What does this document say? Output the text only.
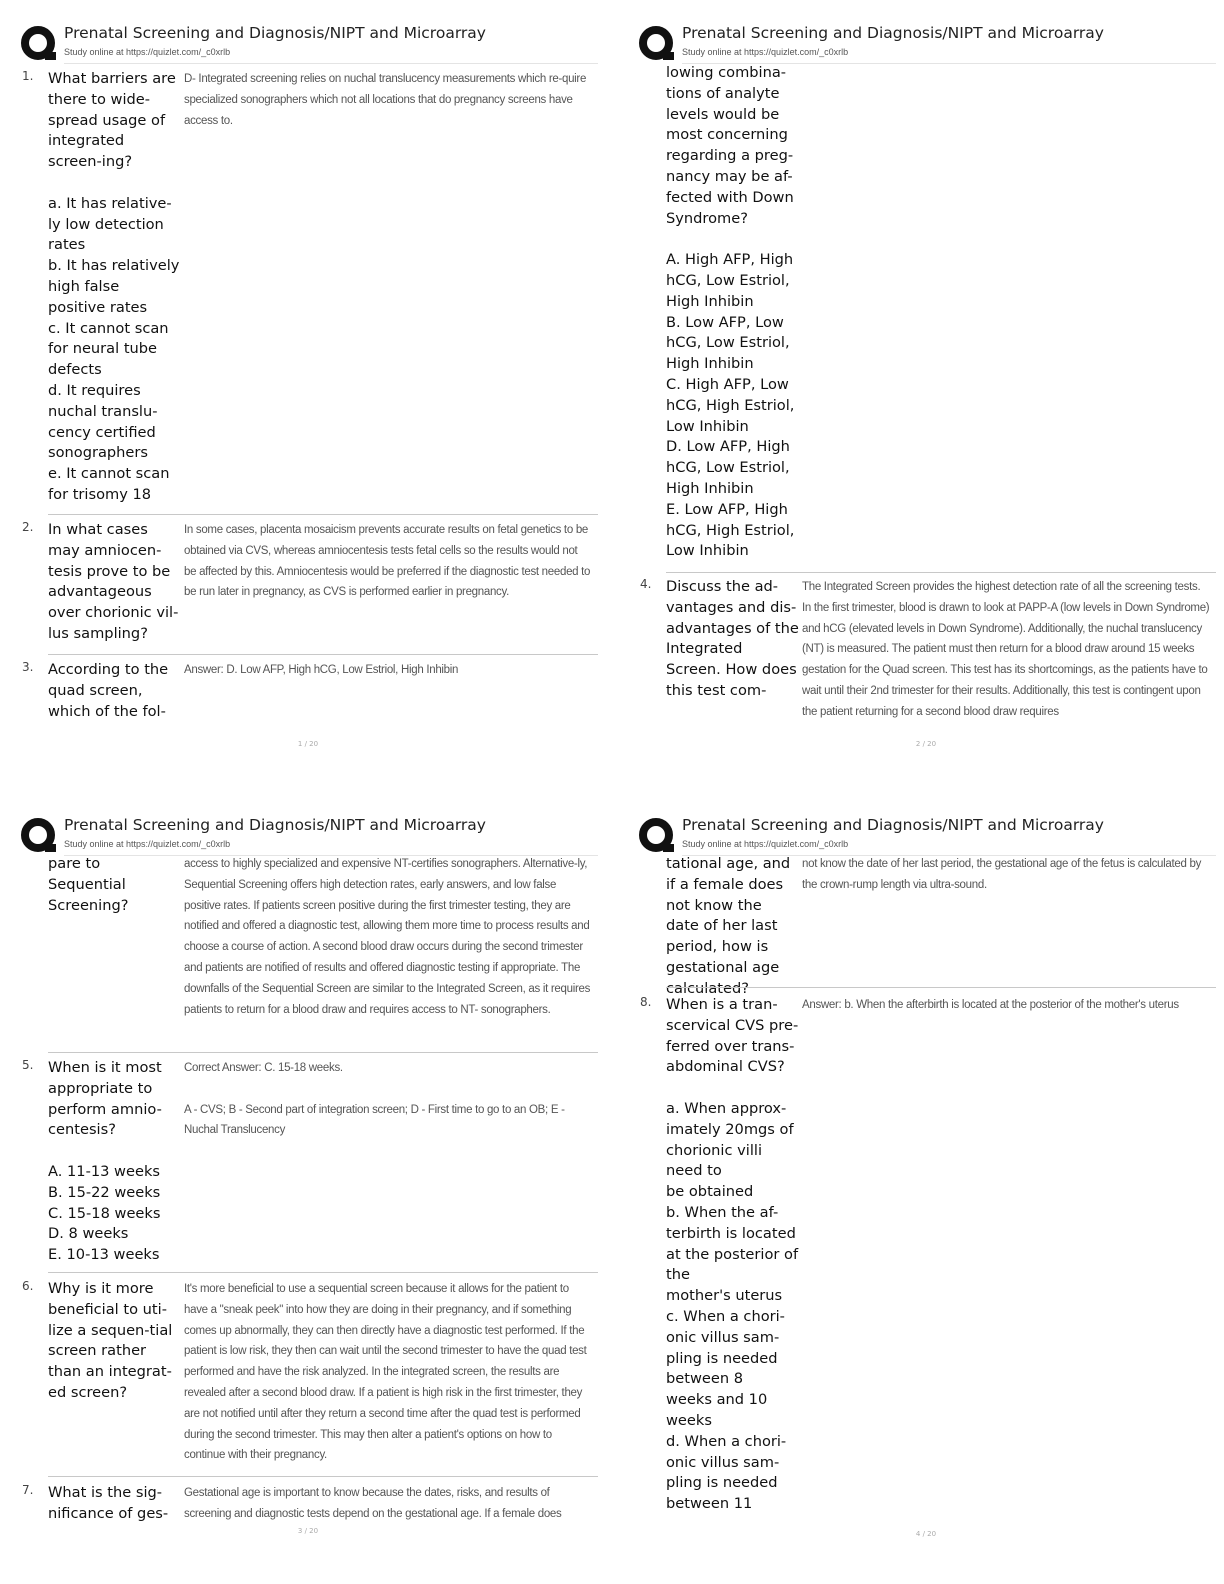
Prenatal Screening and Diagnosis/NIPT and Microarray
Study online at https://quizlet.com/_c0xrlb
1. What barriers are there to wide-spread usage of integrated screen-ing?

a. It has relative-ly low detection rates
b. It has relatively high false positive rates
c. It cannot scan for neural tube defects
d. It requires nuchal translu-cency certified sonographers
e. It cannot scan for trisomy 18
D- Integrated screening relies on nuchal translucency measurements which re-quire specialized sonographers which not all locations that do pregnancy screens have access to.
2. In what cases may amniocen-tesis prove to be advantageous over chorionic vil-lus sampling?
In some cases, placenta mosaicism prevents accurate results on fetal genetics to be obtained via CVS, whereas amniocentesis tests fetal cells so the results would not be affected by this. Amniocentesis would be preferred if the diagnostic test needed to be run later in pregnancy, as CVS is performed earlier in pregnancy.
3. According to the quad screen, which of the fol-
Answer: D. Low AFP, High hCG, Low Estriol, High Inhibin
1 / 20
Prenatal Screening and Diagnosis/NIPT and Microarray
Study online at https://quizlet.com/_c0xrlb
lowing combina-tions of analyte levels would be most concerning regarding a preg-nancy may be af-fected with Down Syndrome?

A. High AFP, High hCG, Low Estriol, High Inhibin
B. Low AFP, Low hCG, Low Estriol, High Inhibin
C. High AFP, Low hCG, High Estriol, Low Inhibin
D. Low AFP, High hCG, Low Estriol, High Inhibin
E. Low AFP, High hCG, High Estriol, Low Inhibin
4. Discuss the ad-vantages and dis-advantages of the Integrated Screen. How does this test com-
The Integrated Screen provides the highest detection rate of all the screening tests. In the first trimester, blood is drawn to look at PAPP-A (low levels in Down Syndrome) and hCG (elevated levels in Down Syndrome). Additionally, the nuchal translucency (NT) is measured. The patient must then return for a blood draw around 15 weeks gestation for the Quad screen. This test has its shortcomings, as the patients have to wait until their 2nd trimester for their results. Additionally, this test is contingent upon the patient returning for a second blood draw requires
2 / 20
Prenatal Screening and Diagnosis/NIPT and Microarray
Study online at https://quizlet.com/_c0xrlb
pare to Sequential Screening?
access to highly specialized and expensive NT-certifies sonographers. Alternative-ly, Sequential Screening offers high detection rates, early answers, and low false positive rates. If patients screen positive during the first trimester testing, they are notified and offered a diagnostic test, allowing them more time to process results and choose a course of action. A second blood draw occurs during the second trimester and patients are notified of results and offered diagnostic testing if appropriate. The downfalls of the Sequential Screen are similar to the Integrated Screen, as it requires patients to return for a blood draw and requires access to NT- sonographers.
5. When is it most appropriate to perform amnio-centesis?

A. 11-13 weeks
B. 15-22 weeks
C. 15-18 weeks
D. 8 weeks
E. 10-13 weeks
Correct Answer: C. 15-18 weeks.

A - CVS; B - Second part of integration screen; D - First time to go to an OB; E - Nuchal Translucency
6. Why is it more beneficial to uti-lize a sequen-tial screen rather than an integrat-ed screen?
It's more beneficial to use a sequential screen because it allows for the patient to have a "sneak peek" into how they are doing in their pregnancy, and if something comes up abnormally, they can then directly have a diagnostic test performed. If the patient is low risk, they then can wait until the second trimester to have the quad test performed and have the risk analyzed. In the integrated screen, the results are revealed after a second blood draw. If a patient is high risk in the first trimester, they are not notified until after they return a second time after the quad test is performed during the second trimester. This may then alter a patient's options on how to continue with their pregnancy.
7. What is the sig-nificance of ges-
Gestational age is important to know because the dates, risks, and results of screening and diagnostic tests depend on the gestational age. If a female does
3 / 20
Prenatal Screening and Diagnosis/NIPT and Microarray
Study online at https://quizlet.com/_c0xrlb
tational age, and if a female does not know the date of her last period, how is gestational age calculated?
not know the date of her last period, the gestational age of the fetus is calculated by the crown-rump length via ultra-sound.
8. When is a tran-scervical CVS pre-ferred over trans-abdominal CVS?

a. When approx-imately 20mgs of chorionic villi need to
be obtained
b. When the af-terbirth is located at the posterior of the
mother's uterus
c. When a chori-onic villus sam-pling is needed between 8
weeks and 10 weeks
d. When a chori-onic villus sam-pling is needed between 11
Answer: b. When the afterbirth is located at the posterior of the mother's uterus
4 / 20
